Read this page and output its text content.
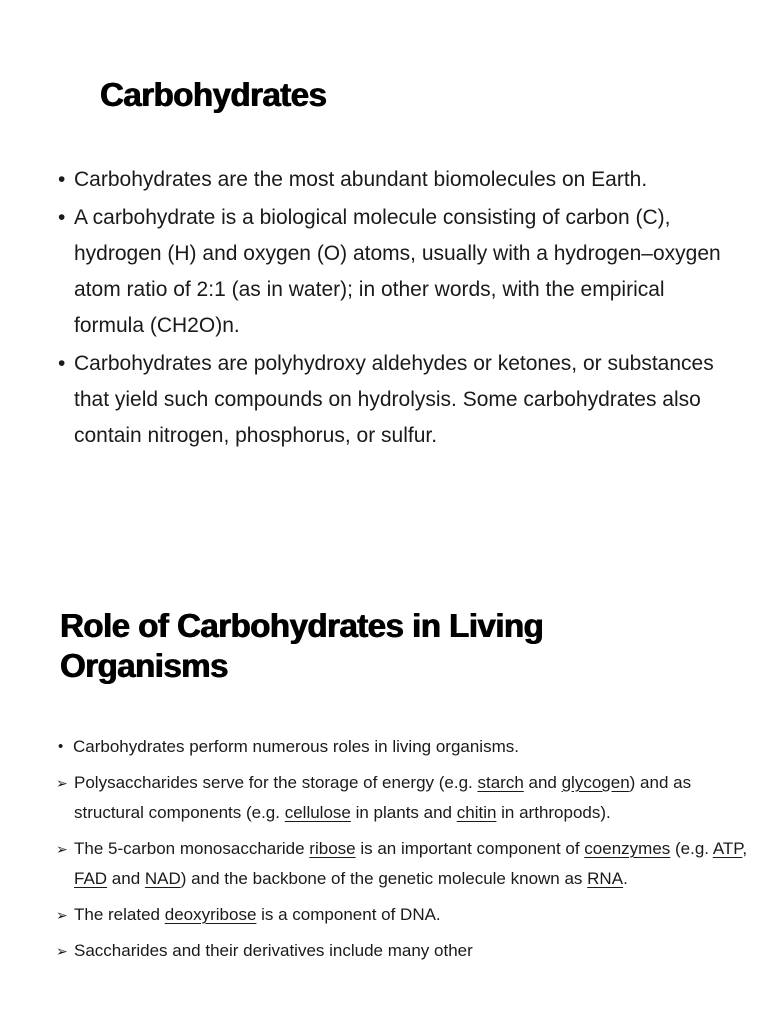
Carbohydrates
• Carbohydrates are the most abundant biomolecules on Earth.
• A carbohydrate is a biological molecule consisting of carbon (C), hydrogen (H) and oxygen (O) atoms, usually with a hydrogen–oxygen atom ratio of 2:1 (as in water); in other words, with the empirical formula (CH2O)n.
• Carbohydrates are polyhydroxy aldehydes or ketones, or substances that yield such compounds on hydrolysis. Some carbohydrates also contain nitrogen, phosphorus, or sulfur.
Role of Carbohydrates in Living Organisms
• Carbohydrates perform numerous roles in living organisms.
➢ Polysaccharides serve for the storage of energy (e.g. starch and glycogen) and as structural components (e.g. cellulose in plants and chitin in arthropods).
➢ The 5-carbon monosaccharide ribose is an important component of coenzymes (e.g. ATP, FAD and NAD) and the backbone of the genetic molecule known as RNA.
➢ The related deoxyribose is a component of DNA.
➢ Saccharides and their derivatives include many other
